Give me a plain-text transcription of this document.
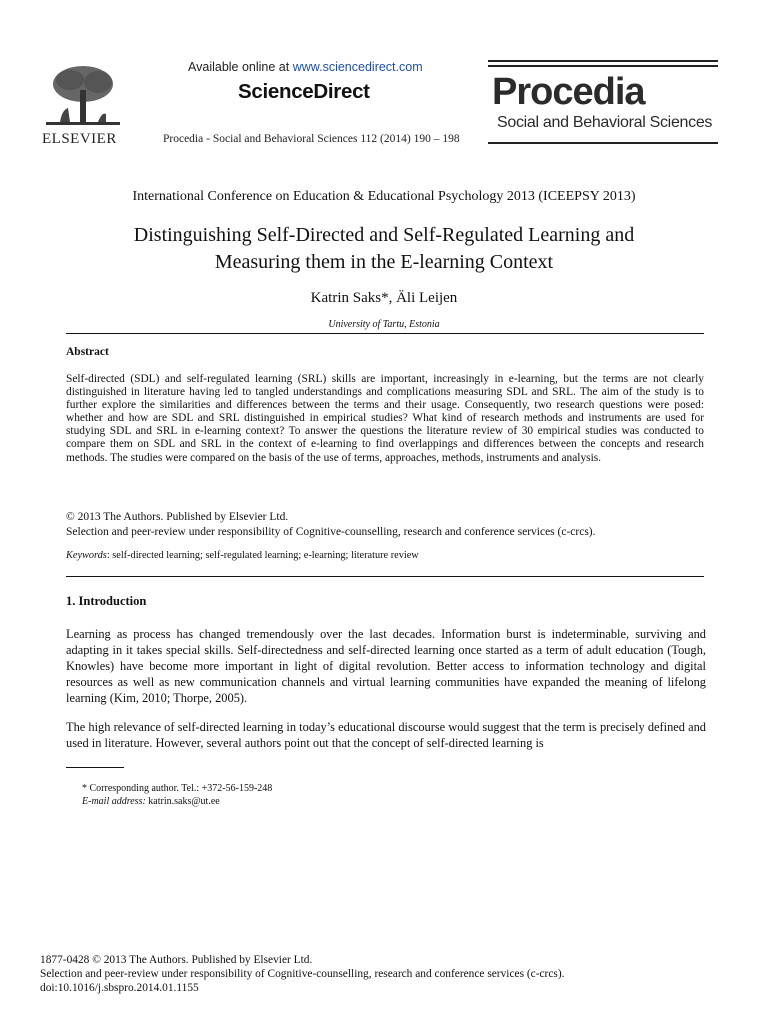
ELSEVIER
Available online at www.sciencedirect.com
ScienceDirect
Procedia - Social and Behavioral Sciences 112 (2014) 190 – 198
Procedia
Social and Behavioral Sciences
International Conference on Education & Educational Psychology 2013 (ICEEPSY 2013)
Distinguishing Self-Directed and Self-Regulated Learning and
Measuring them in the E-learning Context
Katrin Saks*, Äli Leijen
University of Tartu, Estonia
Abstract
Self-directed (SDL) and self-regulated learning (SRL) skills are important, increasingly in e-learning, but the terms are not clearly distinguished in literature having led to tangled understandings and complications measuring SDL and SRL. The aim of the study is to further explore the similarities and differences between the terms and their usage. Consequently, two research questions were posed: whether and how are SDL and SRL distinguished in empirical studies? What kind of research methods and instruments are used for studying SDL and SRL in e-learning context? To answer the questions the literature review of 30 empirical studies was conducted to compare them on SDL and SRL in the context of e-learning to find overlappings and differences between the concepts and research methods. The studies were compared on the basis of the use of terms, approaches, methods, instruments and analysis.
© 2013 The Authors. Published by Elsevier Ltd.
Selection and peer-review under responsibility of Cognitive-counselling, research and conference services (c-crcs).
Keywords: self-directed learning; self-regulated learning; e-learning; literature review
1. Introduction
Learning as process has changed tremendously over the last decades. Information burst is indeterminable, surviving and adapting in it takes special skills. Self-directedness and self-directed learning once started as a term of adult education (Tough, Knowles) have become more important in light of digital revolution. Better access to information technology and digital resources as well as new communication channels and virtual learning communities have expanded the meaning of lifelong learning (Kim, 2010; Thorpe, 2005).
The high relevance of self-directed learning in today’s educational discourse would suggest that the term is precisely defined and used in literature. However, several authors point out that the concept of self-directed learning is
* Corresponding author. Tel.: +372-56-159-248
E-mail address: katrin.saks@ut.ee
1877-0428 © 2013 The Authors. Published by Elsevier Ltd.
Selection and peer-review under responsibility of Cognitive-counselling, research and conference services (c-crcs).
doi:10.1016/j.sbspro.2014.01.1155
